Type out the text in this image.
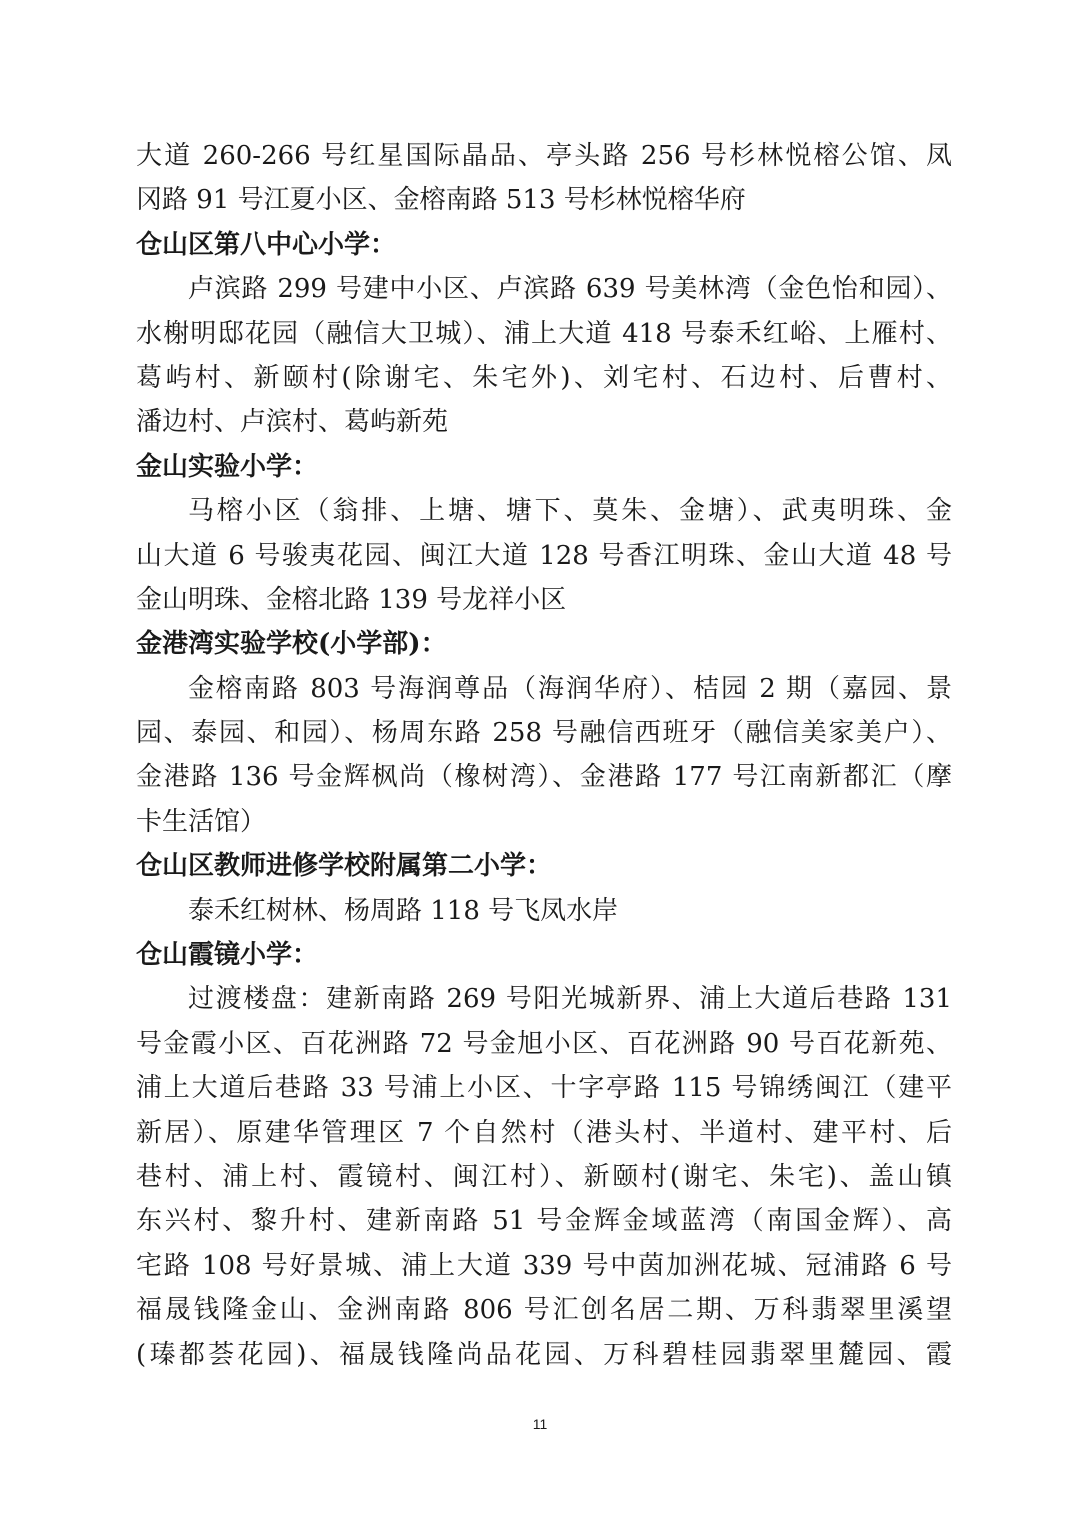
大道 260-266 号红星国际晶品、亭头路 256 号杉林悦榕公馆、凤
冈路 91 号江夏小区、金榕南路 513 号杉林悦榕华府
仓山区第八中心小学：
卢滨路 299 号建中小区、卢滨路 639 号美林湾（金色怡和园）、
水榭明邸花园（融信大卫城）、浦上大道 418 号泰禾红峪、上雁村、
葛屿村、新颐村(除谢宅、朱宅外)、刘宅村、石边村、后曹村、
潘边村、卢滨村、葛屿新苑
金山实验小学：
马榕小区（翁排、上塘、塘下、莫朱、金塘）、武夷明珠、金
山大道 6 号骏夷花园、闽江大道 128 号香江明珠、金山大道 48 号
金山明珠、金榕北路 139 号龙祥小区
金港湾实验学校(小学部)：
金榕南路 803 号海润尊品（海润华府）、桔园 2 期（嘉园、景
园、泰园、和园）、杨周东路 258 号融信西班牙（融信美家美户）、
金港路 136 号金辉枫尚（橡树湾）、金港路 177 号江南新都汇（摩
卡生活馆）
仓山区教师进修学校附属第二小学：
泰禾红树林、杨周路 118 号飞凤水岸
仓山霞镜小学：
过渡楼盘：建新南路 269 号阳光城新界、浦上大道后巷路 131
号金霞小区、百花洲路 72 号金旭小区、百花洲路 90 号百花新苑、
浦上大道后巷路 33 号浦上小区、十字亭路 115 号锦绣闽江（建平
新居）、原建华管理区 7 个自然村（港头村、半道村、建平村、后
巷村、浦上村、霞镜村、闽江村）、新颐村(谢宅、朱宅)、盖山镇
东兴村、黎升村、建新南路 51 号金辉金域蓝湾（南国金辉）、高
宅路 108 号好景城、浦上大道 339 号中茵加洲花城、冠浦路 6 号
福晟钱隆金山、金洲南路 806 号汇创名居二期、万科翡翠里溪望
(瑧都荟花园)、福晟钱隆尚品花园、万科碧桂园翡翠里麓园、霞
11
